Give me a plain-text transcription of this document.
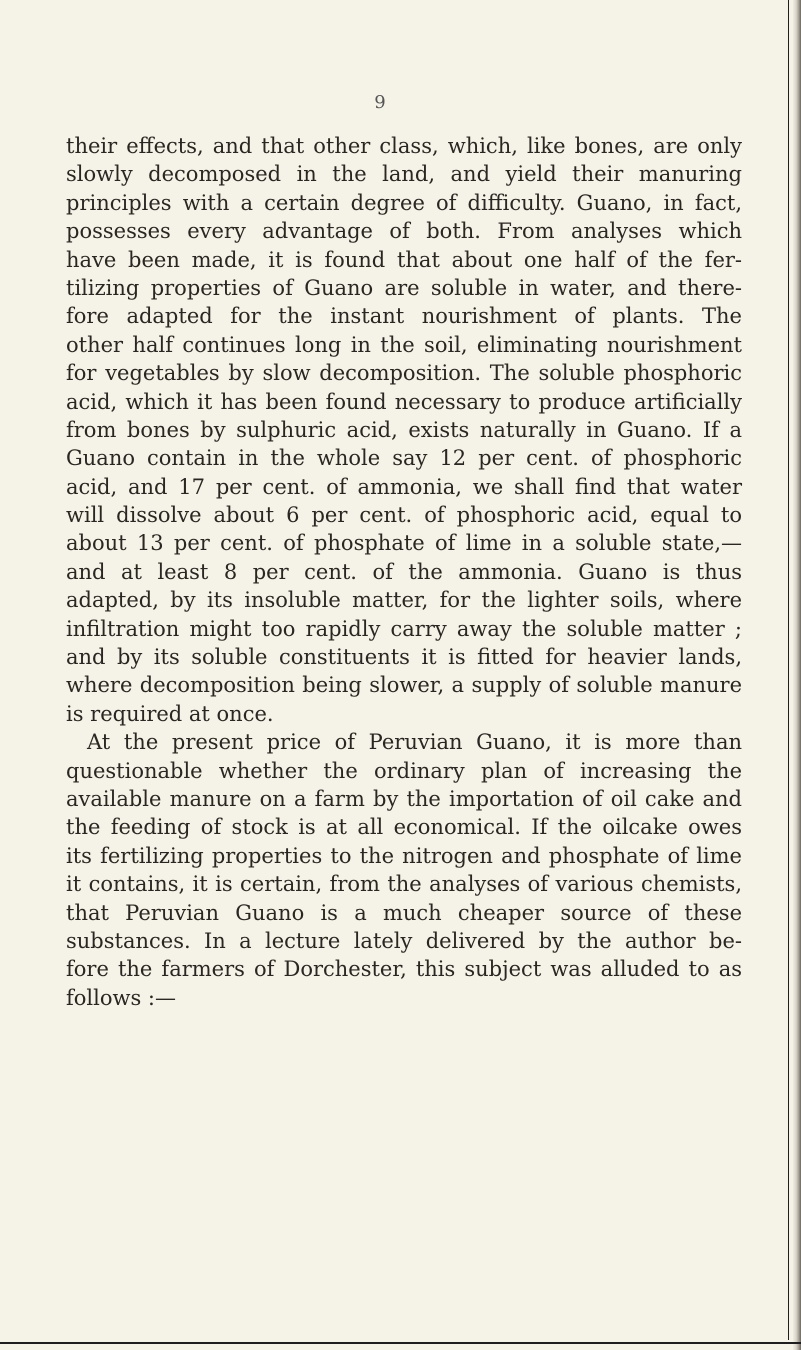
9
their effects, and that other class, which, like bones, are only
slowly decomposed in the land, and yield their manuring
principles with a certain degree of difficulty. Guano, in fact,
possesses every advantage of both. From analyses which
have been made, it is found that about one half of the fer-
tilizing properties of Guano are soluble in water, and there-
fore adapted for the instant nourishment of plants. The
other half continues long in the soil, eliminating nourishment
for vegetables by slow decomposition. The soluble phosphoric
acid, which it has been found necessary to produce artificially
from bones by sulphuric acid, exists naturally in Guano. If a
Guano contain in the whole say 12 per cent. of phosphoric
acid, and 17 per cent. of ammonia, we shall find that water
will dissolve about 6 per cent. of phosphoric acid, equal to
about 13 per cent. of phosphate of lime in a soluble state,—
and at least 8 per cent. of the ammonia. Guano is thus
adapted, by its insoluble matter, for the lighter soils, where
infiltration might too rapidly carry away the soluble matter ;
and by its soluble constituents it is fitted for heavier lands,
where decomposition being slower, a supply of soluble manure
is required at once.
At the present price of Peruvian Guano, it is more than
questionable whether the ordinary plan of increasing the
available manure on a farm by the importation of oil cake and
the feeding of stock is at all economical. If the oilcake owes
its fertilizing properties to the nitrogen and phosphate of lime
it contains, it is certain, from the analyses of various chemists,
that Peruvian Guano is a much cheaper source of these
substances. In a lecture lately delivered by the author be-
fore the farmers of Dorchester, this subject was alluded to as
follows :—
